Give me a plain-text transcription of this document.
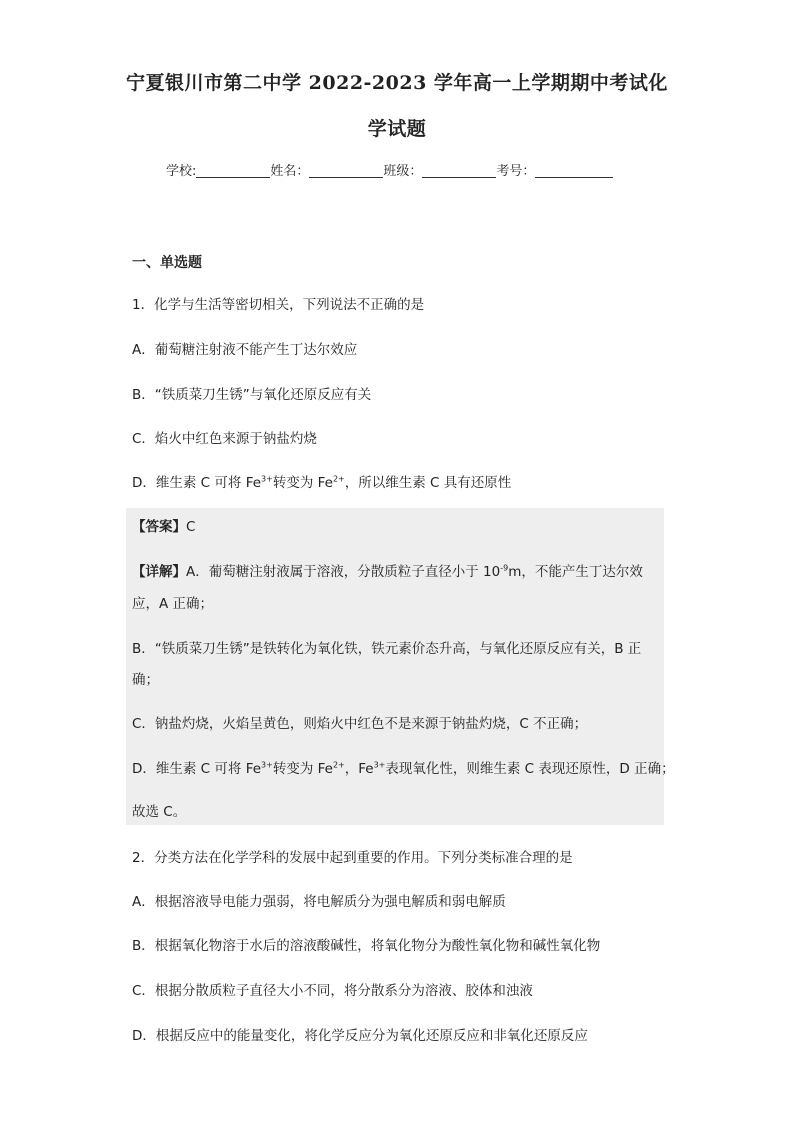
宁夏银川市第二中学 2022-2023 学年高一上学期期中考试化
学试题
学校:	姓名：	班级：	考号：
一、单选题
1．化学与生活等密切相关，下列说法不正确的是
A．葡萄糖注射液不能产生丁达尔效应
B．“铁质菜刀生锈”与氧化还原反应有关
C．焰火中红色来源于钠盐灼烧
D．维生素 C 可将 $Fe^{3+}$转变为 $Fe^{2+}$，所以维生素 C 具有还原性
【答案】C
【详解】A．葡萄糖注射液属于溶液，分散质粒子直径小于 $10^{-9}m$，不能产生丁达尔效
应，A 正确；
B．“铁质菜刀生锈”是铁转化为氧化铁，铁元素价态升高，与氧化还原反应有关，B 正
确；
C．钠盐灼烧，火焰呈黄色，则焰火中红色不是来源于钠盐灼烧，C 不正确；
D．维生素 C 可将 $Fe^{3+}$转变为 $Fe^{2+}$，$Fe^{3+}$表现氧化性，则维生素 C 表现还原性，D 正确；
故选 C。
2．分类方法在化学学科的发展中起到重要的作用。下列分类标准合理的是
A．根据溶液导电能力强弱，将电解质分为强电解质和弱电解质
B．根据氧化物溶于水后的溶液酸碱性，将氧化物分为酸性氧化物和碱性氧化物
C．根据分散质粒子直径大小不同，将分散系分为溶液、胶体和浊液
D．根据反应中的能量变化，将化学反应分为氧化还原反应和非氧化还原反应
